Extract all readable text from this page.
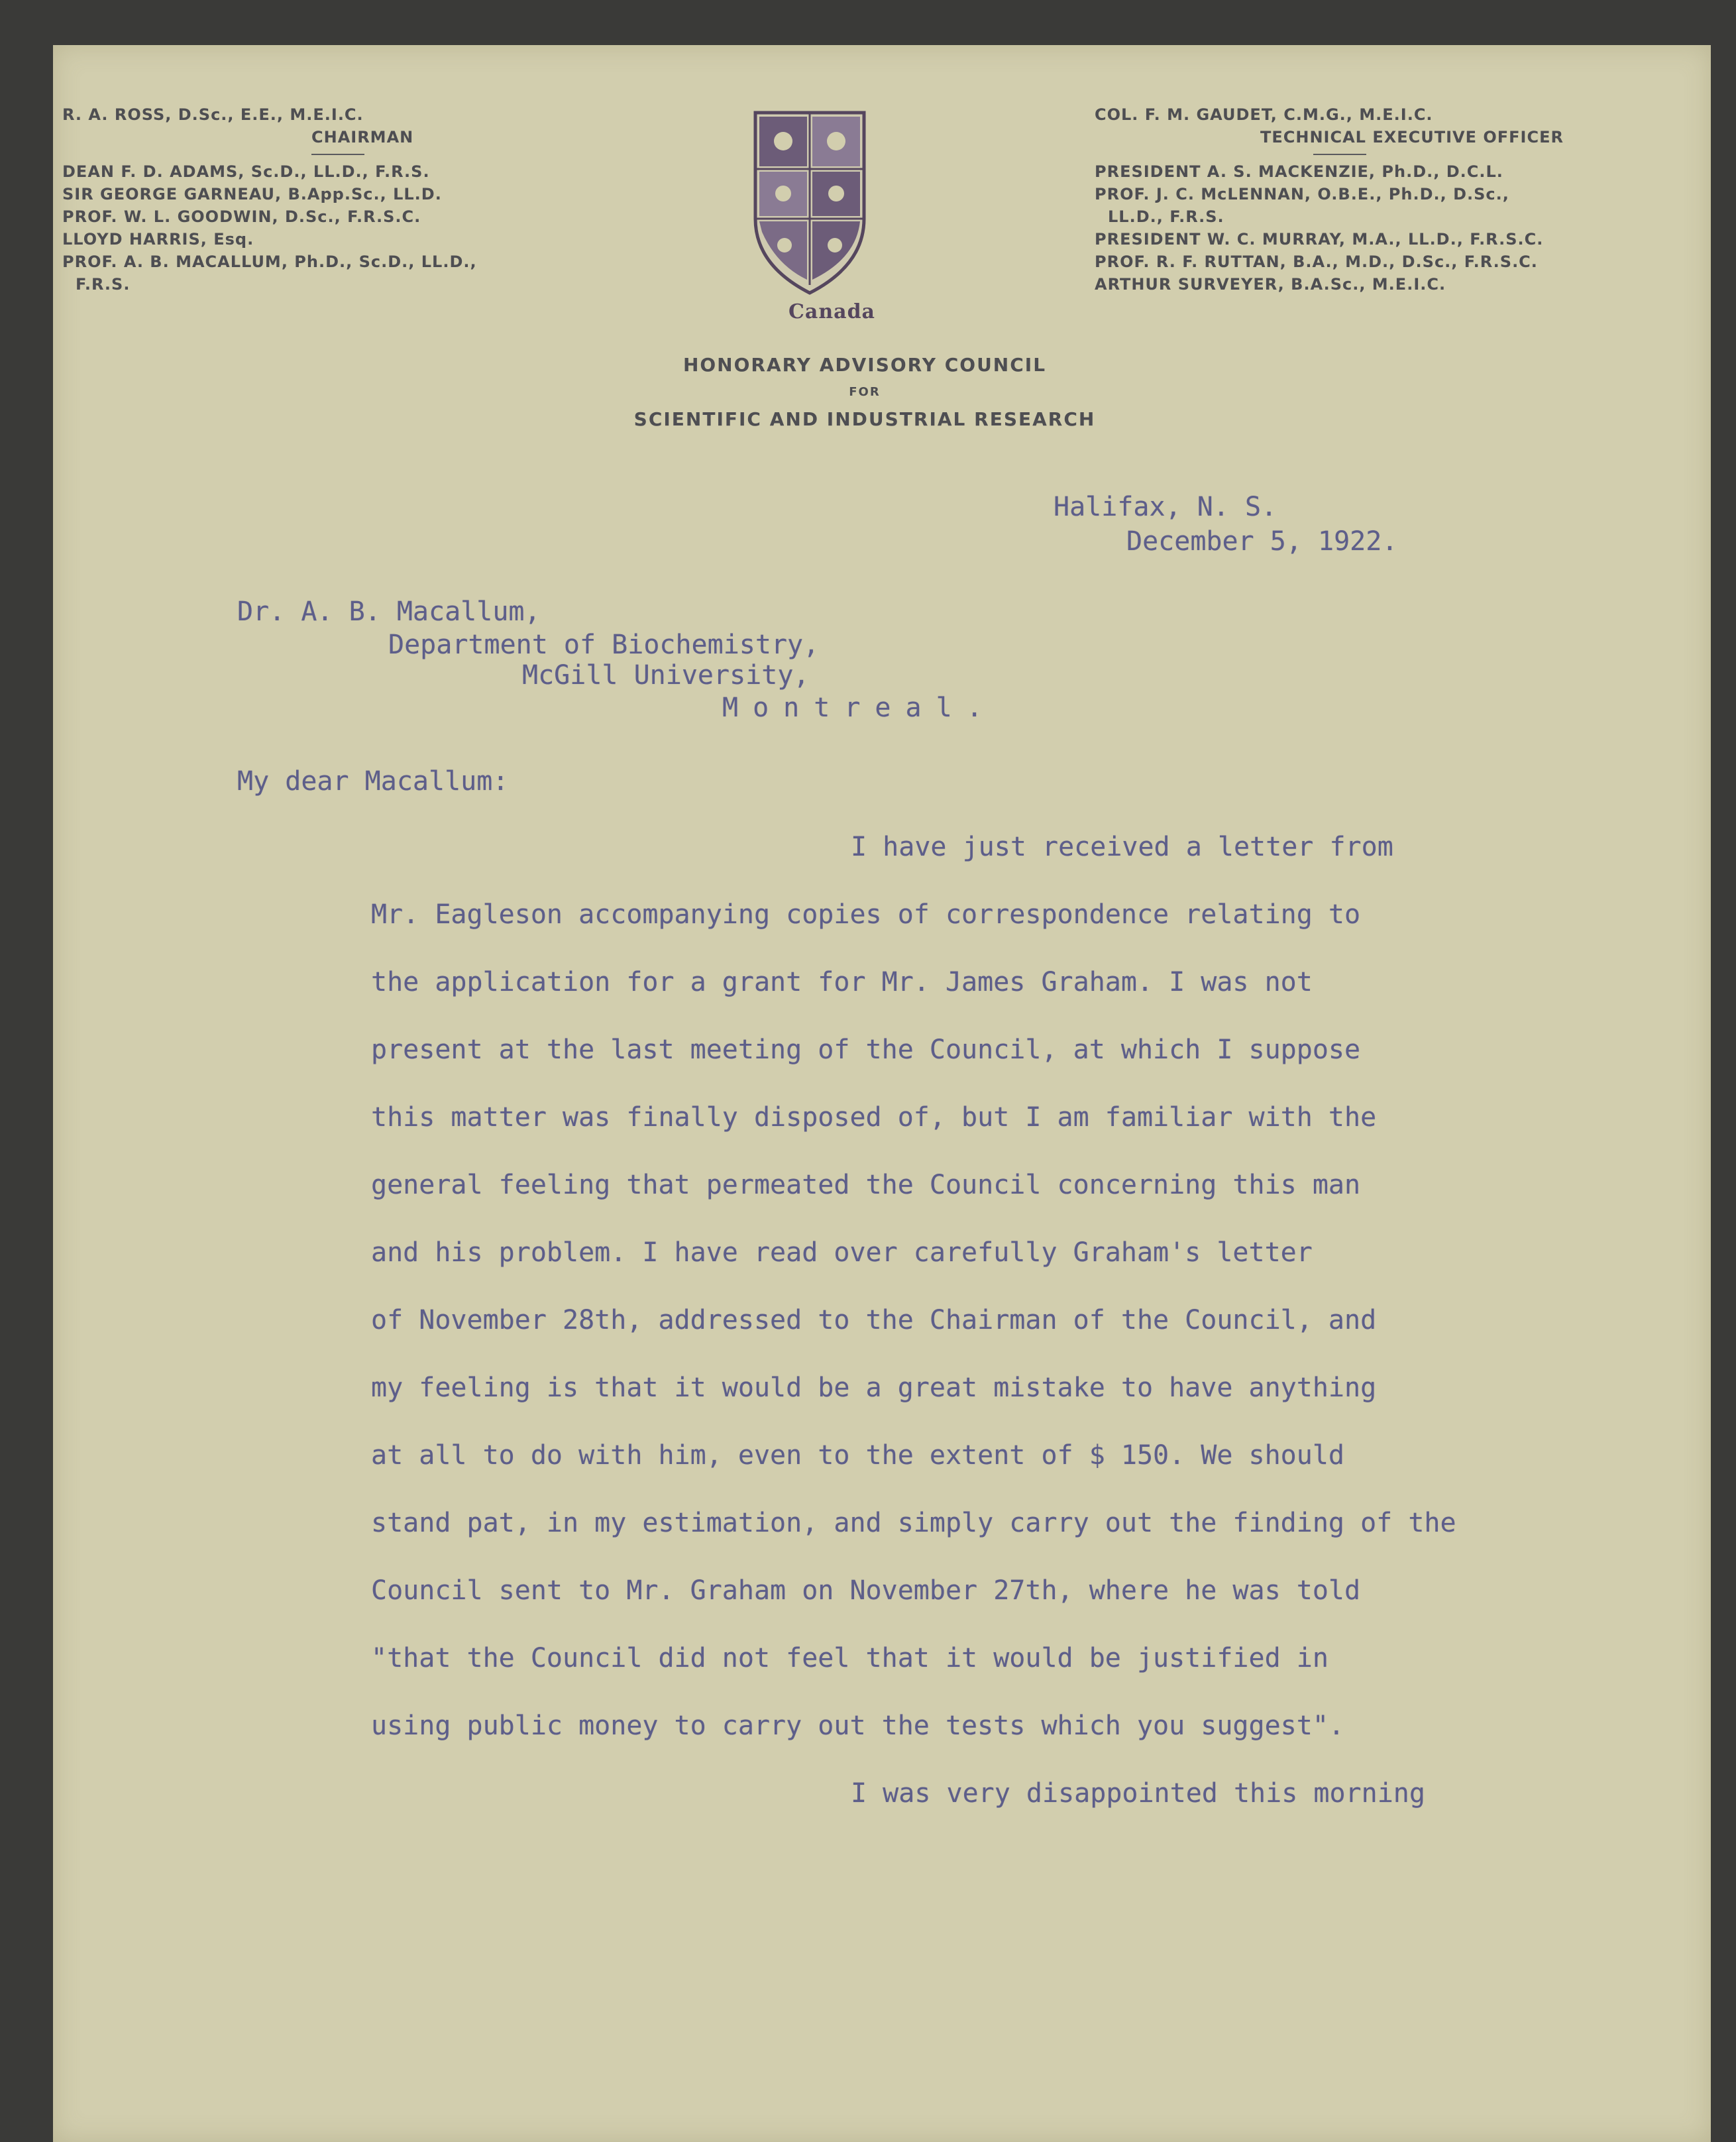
R. A. ROSS, D.Sc., E.E., M.E.I.C.
CHAIRMAN
DEAN F. D. ADAMS, Sc.D., LL.D., F.R.S.
SIR GEORGE GARNEAU, B.App.Sc., LL.D.
PROF. W. L. GOODWIN, D.Sc., F.R.S.C.
LLOYD HARRIS, Esq.
PROF. A. B. MACALLUM, Ph.D., Sc.D., LL.D.,
F.R.S.
Canada
COL. F. M. GAUDET, C.M.G., M.E.I.C.
TECHNICAL EXECUTIVE OFFICER
PRESIDENT A. S. MACKENZIE, Ph.D., D.C.L.
PROF. J. C. McLENNAN, O.B.E., Ph.D., D.Sc.,
LL.D., F.R.S.
PRESIDENT W. C. MURRAY, M.A., LL.D., F.R.S.C.
PROF. R. F. RUTTAN, B.A., M.D., D.Sc., F.R.S.C.
ARTHUR SURVEYER, B.A.Sc., M.E.I.C.
HONORARY ADVISORY COUNCIL
FOR
SCIENTIFIC AND INDUSTRIAL RESEARCH
Halifax, N. S.
December 5, 1922.
Dr. A. B. Macallum,
Department of Biochemistry,
McGill University,
Montreal.
My dear Macallum:
I have just received a letter from
Mr. Eagleson accompanying copies of correspondence relating to
the application for a grant for Mr. James Graham. I was not
present at the last meeting of the Council, at which I suppose
this matter was finally disposed of, but I am familiar with the
general feeling that permeated the Council concerning this man
and his problem. I have read over carefully Graham's letter
of November 28th, addressed to the Chairman of the Council, and
my feeling is that it would be a great mistake to have anything
at all to do with him, even to the extent of $ 150. We should
stand pat, in my estimation, and simply carry out the finding of the
Council sent to Mr. Graham on November 27th, where he was told
"that the Council did not feel that it would be justified in
using public money to carry out the tests which you suggest".
I was very disappointed this morning
